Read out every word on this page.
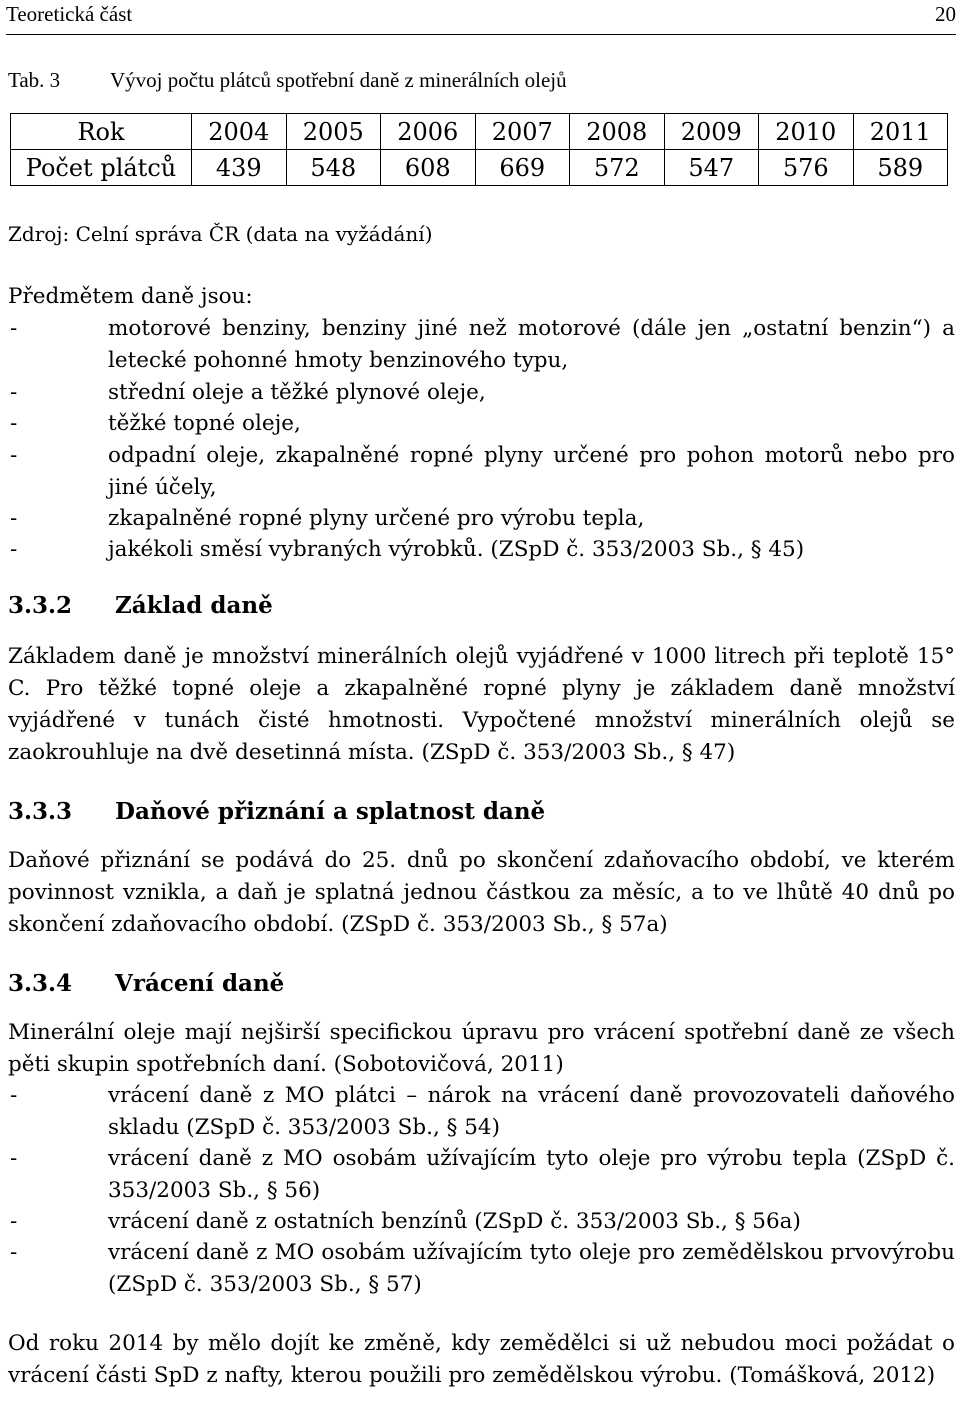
Teoretická část	20
Tab. 3 Vývoj počtu plátců spotřební daně z minerálních olejů
Rok	2004	2005	2006	2007	2008	2009	2010	2011
Počet plátců	439	548	608	669	572	547	576	589
Zdroj: Celní správa ČR (data na vyžádání)
Předmětem daně jsou:
-	motorové benziny, benziny jiné než motorové (dále jen „ostatní benzin“) a letecké pohonné hmoty benzinového typu,
-	střední oleje a těžké plynové oleje,
-	těžké topné oleje,
-	odpadní oleje, zkapalněné ropné plyny určené pro pohon motorů nebo pro jiné účely,
-	zkapalněné ropné plyny určené pro výrobu tepla,
-	jakékoli směsí vybraných výrobků. (ZSpD č. 353/2003 Sb., § 45)
3.3.2 Základ daně
Základem daně je množství minerálních olejů vyjádřené v 1000 litrech při teplotě 15° C. Pro těžké topné oleje a zkapalněné ropné plyny je základem daně množství vyjádřené v tunách čisté hmotnosti. Vypočtené množství minerálních olejů se zaokrouhluje na dvě desetinná místa. (ZSpD č. 353/2003 Sb., § 47)
3.3.3 Daňové přiznání a splatnost daně
Daňové přiznání se podává do 25. dnů po skončení zdaňovacího období, ve kterém povinnost vznikla, a daň je splatná jednou částkou za měsíc, a to ve lhůtě 40 dnů po skončení zdaňovacího období. (ZSpD č. 353/2003 Sb., § 57a)
3.3.4 Vrácení daně
Minerální oleje mají nejširší specifickou úpravu pro vrácení spotřební daně ze všech pěti skupin spotřebních daní. (Sobotovičová, 2011)
-	vrácení daně z MO plátci – nárok na vrácení daně provozovateli daňového skladu (ZSpD č. 353/2003 Sb., § 54)
-	vrácení daně z MO osobám užívajícím tyto oleje pro výrobu tepla (ZSpD č. 353/2003 Sb., § 56)
-	vrácení daně z ostatních benzínů (ZSpD č. 353/2003 Sb., § 56a)
-	vrácení daně z MO osobám užívajícím tyto oleje pro zemědělskou prvovýrobu (ZSpD č. 353/2003 Sb., § 57)
Od roku 2014 by mělo dojít ke změně, kdy zemědělci si už nebudou moci požádat o vrácení části SpD z nafty, kterou použili pro zemědělskou výrobu. (Tomášková, 2012)
